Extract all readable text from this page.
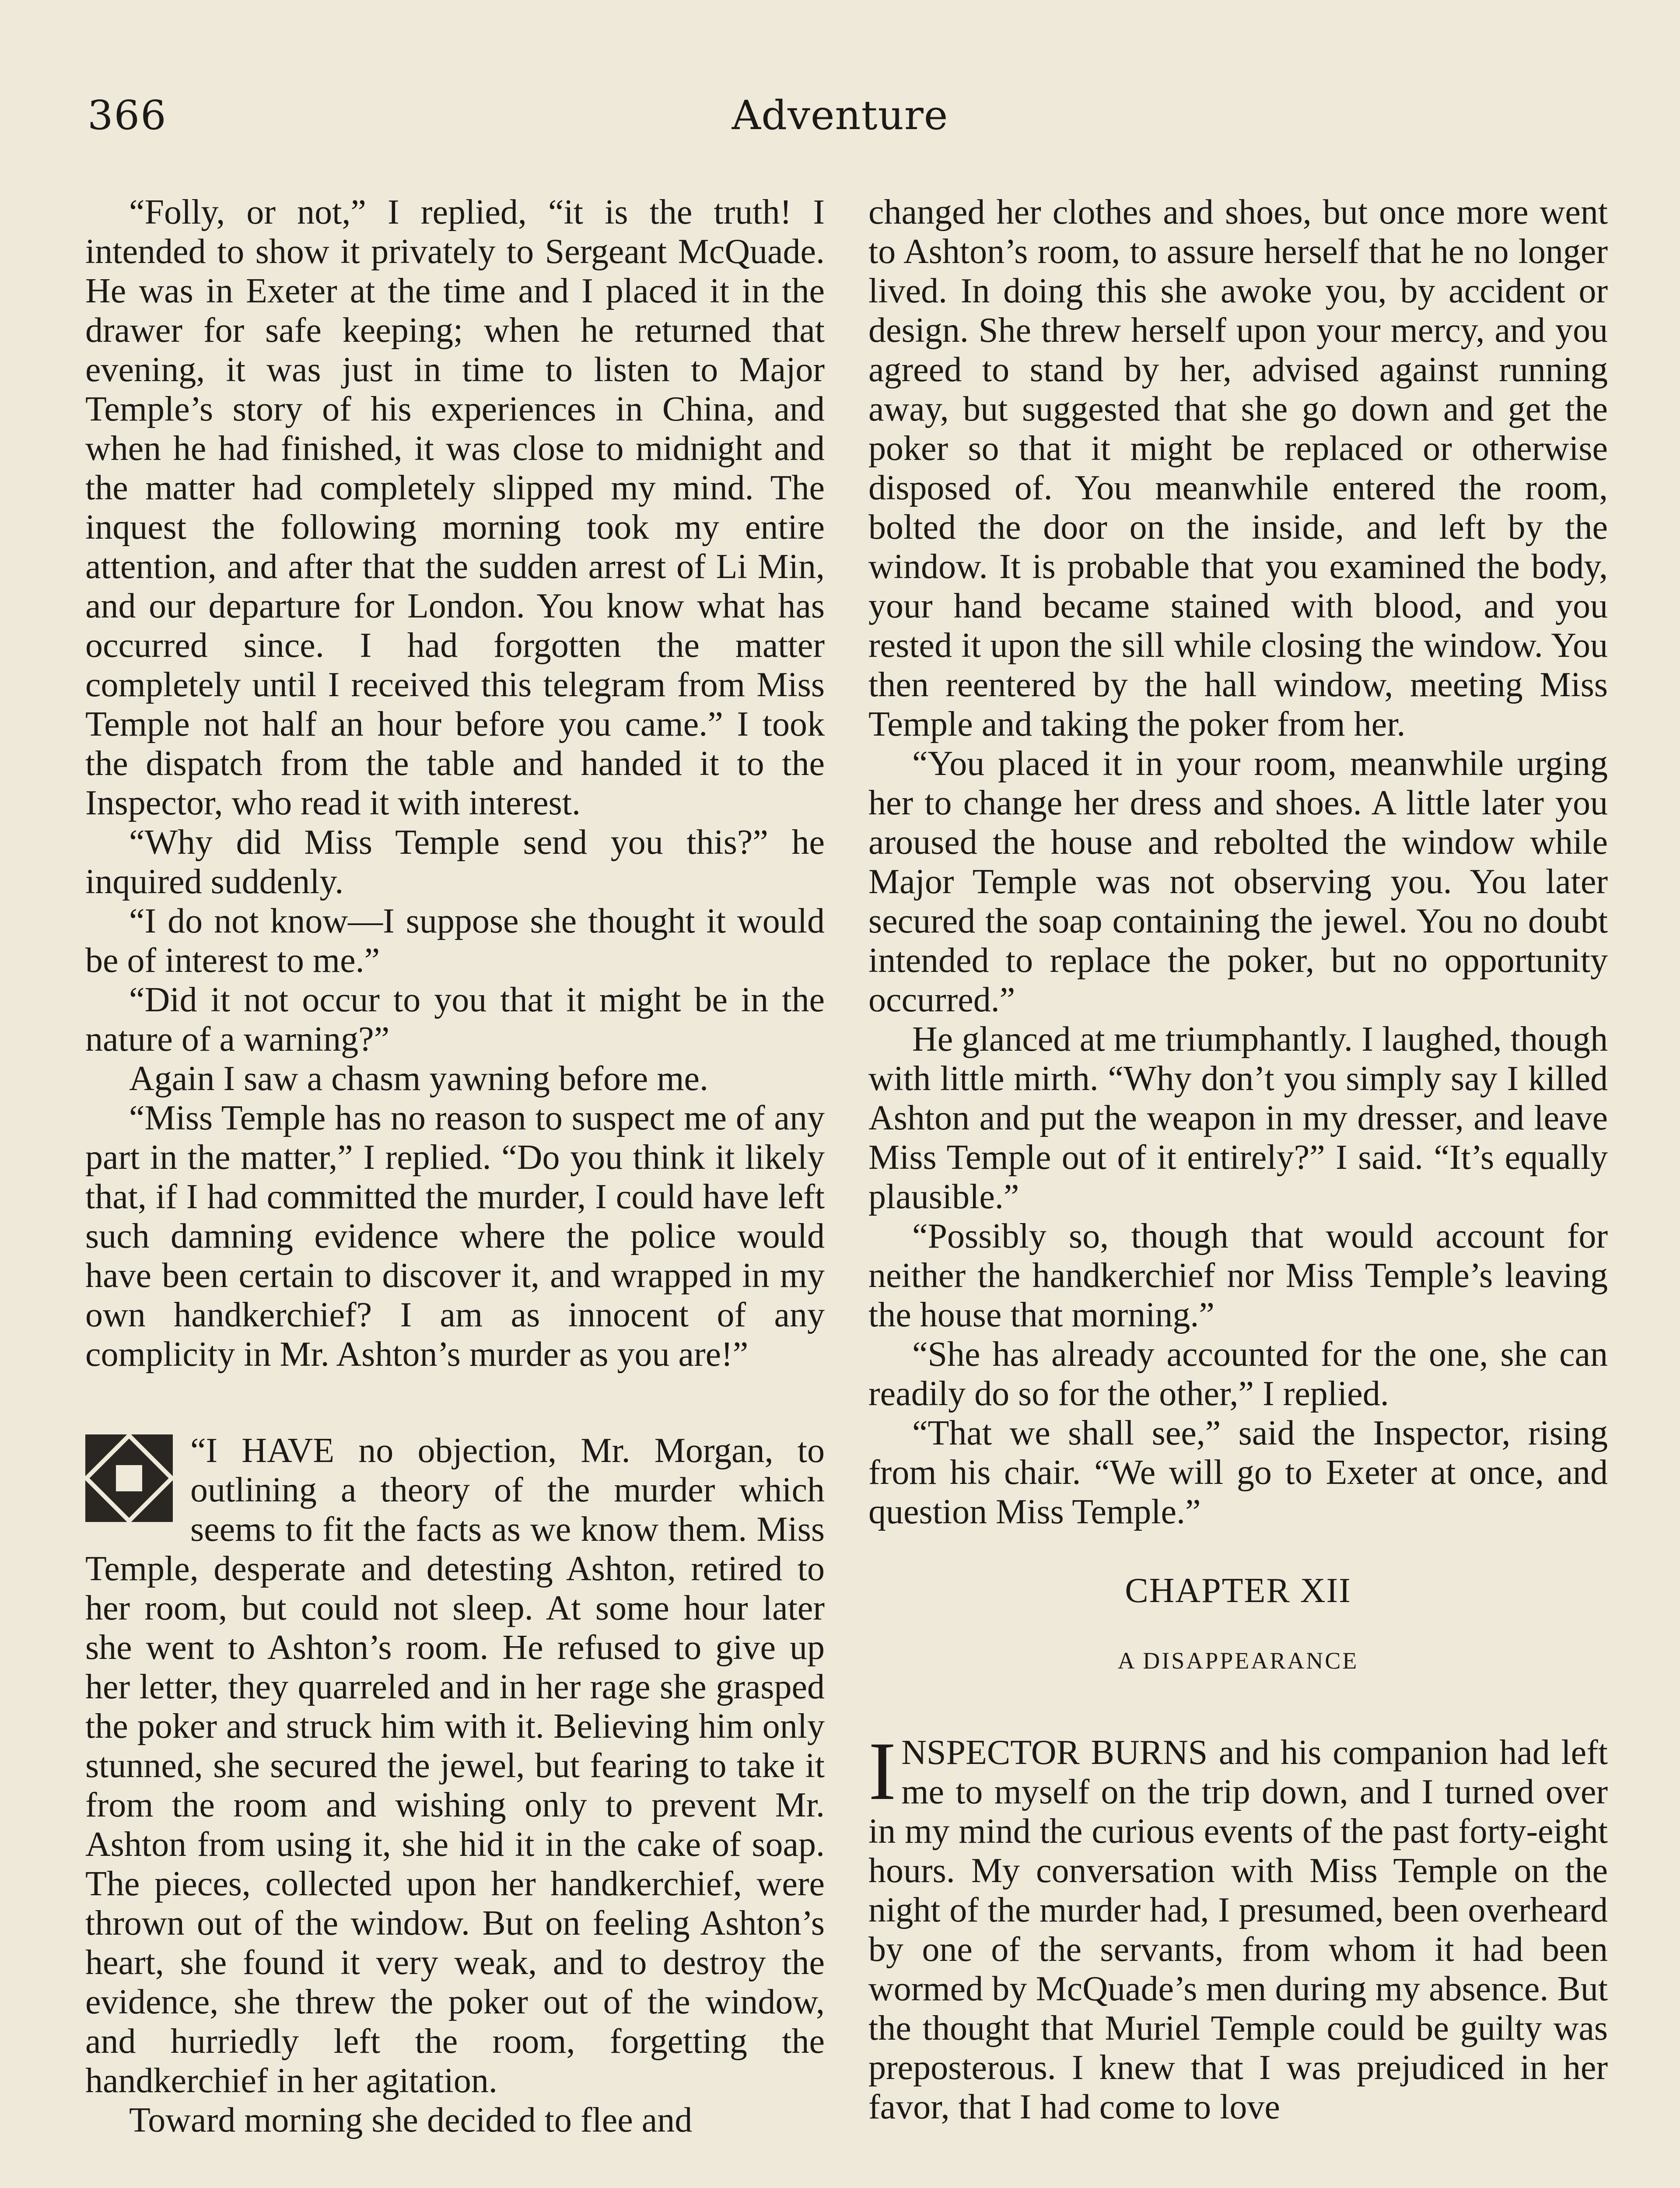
366	Adventure

“Folly, or not,” I replied, “it is the truth! I intended to show it privately to Sergeant McQuade. He was in Exeter at the time and I placed it in the drawer for safe keeping; when he returned that evening, it was just in time to listen to Major Temple’s story of his experiences in China, and when he had finished, it was close to midnight and the matter had completely slipped my mind. The inquest the following morning took my entire attention, and after that the sudden arrest of Li Min, and our departure for London. You know what has occurred since. I had forgotten the matter completely until I received this telegram from Miss Temple not half an hour before you came.” I took the dispatch from the table and handed it to the Inspector, who read it with interest.

“Why did Miss Temple send you this?” he inquired suddenly.

“I do not know—I suppose she thought it would be of interest to me.”

“Did it not occur to you that it might be in the nature of a warning?”

Again I saw a chasm yawning before me.

“Miss Temple has no reason to suspect me of any part in the matter,” I replied. “Do you think it likely that, if I had committed the murder, I could have left such damning evidence where the police would have been certain to discover it, and wrapped in my own handkerchief? I am as innocent of any complicity in Mr. Ashton’s murder as you are!”

“I HAVE no objection, Mr. Morgan, to outlining a theory of the murder which seems to fit the facts as we know them. Miss Temple, desperate and detesting Ashton, retired to her room, but could not sleep. At some hour later she went to Ashton’s room. He refused to give up her letter, they quarreled and in her rage she grasped the poker and struck him with it. Believing him only stunned, she secured the jewel, but fearing to take it from the room and wishing only to prevent Mr. Ashton from using it, she hid it in the cake of soap. The pieces, collected upon her handkerchief, were thrown out of the window. But on feeling Ashton’s heart, she found it very weak, and to destroy the evidence, she threw the poker out of the window, and hurriedly left the room, forgetting the handkerchief in her agitation.

Toward morning she decided to flee and

changed her clothes and shoes, but once more went to Ashton’s room, to assure herself that he no longer lived. In doing this she awoke you, by accident or design. She threw herself upon your mercy, and you agreed to stand by her, advised against running away, but suggested that she go down and get the poker so that it might be replaced or otherwise disposed of. You meanwhile entered the room, bolted the door on the inside, and left by the window. It is probable that you examined the body, your hand became stained with blood, and you rested it upon the sill while closing the window. You then reentered by the hall window, meeting Miss Temple and taking the poker from her.

“You placed it in your room, meanwhile urging her to change her dress and shoes. A little later you aroused the house and rebolted the window while Major Temple was not observing you. You later secured the soap containing the jewel. You no doubt intended to replace the poker, but no opportunity occurred.”

He glanced at me triumphantly. I laughed, though with little mirth. “Why don’t you simply say I killed Ashton and put the weapon in my dresser, and leave Miss Temple out of it entirely?” I said. “It’s equally plausible.”

“Possibly so, though that would account for neither the handkerchief nor Miss Temple’s leaving the house that morning.”

“She has already accounted for the one, she can readily do so for the other,” I replied.

“That we shall see,” said the Inspector, rising from his chair. “We will go to Exeter at once, and question Miss Temple.”

CHAPTER XII
A DISAPPEARANCE

INSPECTOR BURNS and his companion had left me to myself on the trip down, and I turned over in my mind the curious events of the past forty-eight hours. My conversation with Miss Temple on the night of the murder had, I presumed, been overheard by one of the servants, from whom it had been wormed by McQuade’s men during my absence. But the thought that Muriel Temple could be guilty was preposterous. I knew that I was prejudiced in her favor, that I had come to love
